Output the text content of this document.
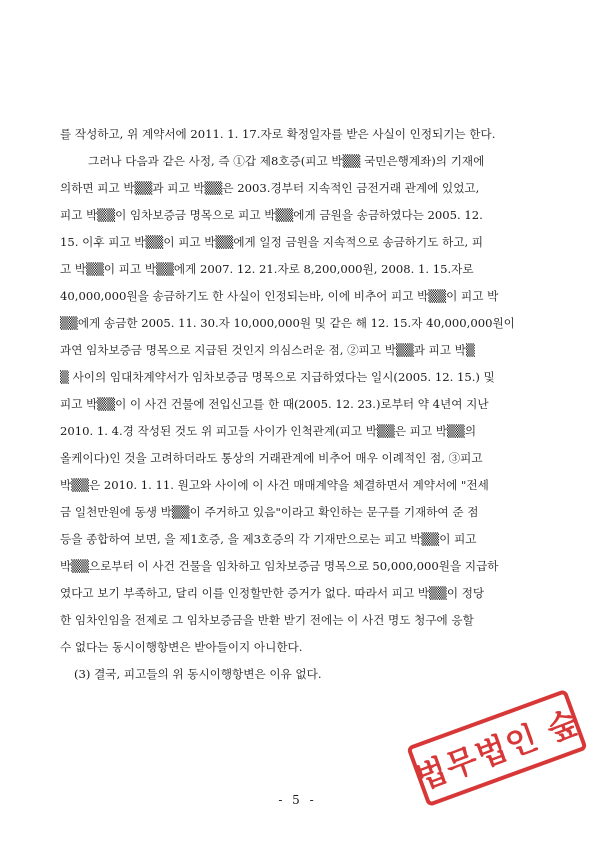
를 작성하고, 위 계약서에 2011. 1. 17.자로 확정일자를 받은 사실이 인정되기는 한다.
그러나 다음과 같은 사정, 즉 ①갑 제8호증(피고 박▒▒ 국민은행계좌)의 기재에
의하면 피고 박▒▒과 피고 박▒▒은 2003.경부터 지속적인 금전거래 관계에 있었고,
피고 박▒▒이 임차보증금 명목으로 피고 박▒▒에게 금원을 송금하였다는 2005. 12.
15. 이후 피고 박▒▒이 피고 박▒▒에게 일정 금원을 지속적으로 송금하기도 하고, 피
고 박▒▒이 피고 박▒▒에게 2007. 12. 21.자로 8,200,000원, 2008. 1. 15.자로
40,000,000원을 송금하기도 한 사실이 인정되는바, 이에 비추어 피고 박▒▒이 피고 박
▒▒에게 송금한 2005. 11. 30.자 10,000,000원 및 같은 해 12. 15.자 40,000,000원이
과연 임차보증금 명목으로 지급된 것인지 의심스러운 점, ②피고 박▒▒과 피고 박▒
▒ 사이의 임대차계약서가 임차보증금 명목으로 지급하였다는 일시(2005. 12. 15.) 및
피고 박▒▒이 이 사건 건물에 전입신고를 한 때(2005. 12. 23.)로부터 약 4년여 지난
2010. 1. 4.경 작성된 것도 위 피고들 사이가 인척관계(피고 박▒▒은 피고 박▒▒의
올케이다)인 것을 고려하더라도 통상의 거래관계에 비추어 매우 이례적인 점, ③피고
박▒▒은 2010. 1. 11. 원고와 사이에 이 사건 매매계약을 체결하면서 계약서에 "전세
금 일천만원에 동생 박▒▒이 주거하고 있음"이라고 확인하는 문구를 기재하여 준 점
등을 종합하여 보면, 을 제1호증, 을 제3호증의 각 기재만으로는 피고 박▒▒이 피고
박▒▒으로부터 이 사건 건물을 임차하고 임차보증금 명목으로 50,000,000원을 지급하
였다고 보기 부족하고, 달리 이를 인정할만한 증거가 없다. 따라서 피고 박▒▒이 정당
한 임차인임을 전제로 그 임차보증금을 반환 받기 전에는 이 사건 명도 청구에 응할
수 없다는 동시이행항변은 받아들이지 아니한다.
(3) 결국, 피고들의 위 동시이행항변은 이유 없다.
법무법인 숲
- 5 -
